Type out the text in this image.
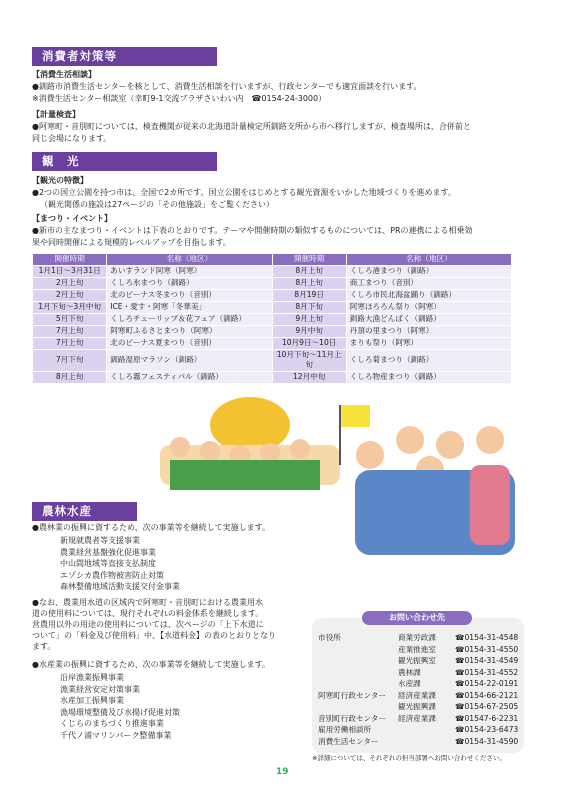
消費者対策等
【消費生活相談】
●釧路市消費生活センターを核として、消費生活相談を行いますが、行政センターでも適宜面談を行います。
※消費生活センター相談室（幸町9-1交流プラザさいわい内　☎0154-24-3000）
【計量検査】
●阿寒町・音別町については、検査機関が従来の北海道計量検定所釧路支所から市へ移行しますが、検査場所は、合併前と
同じ会場になります。
観　光
【観光の特徴】
●2つの国立公園を持つ市は、全国で2カ所です。国立公園をはじめとする観光資源をいかした地域づくりを進めます。
（観光関係の施設は27ページの「その他施設」をご覧ください）
【まつり・イベント】
●新市の主なまつり・イベントは下表のとおりです。テーマや開催時期の類似するものについては、PRの連携による相乗効
果や同時開催による規模的レベルアップを目指します。
開催時期	名称（地区）	開催時期	名称（地区）
1月1日～3月31日	あいすランド阿寒（阿寒）	8月上旬	くしろ港まつり（釧路）
2月上旬	くしろ氷まつり（釧路）	8月上旬	商工まつり（音別）
2月上旬	北のビーナス冬まつり（音別）	8月19日	くしろ市民北海盆踊り（釧路）
1月下旬～3月中旬	ICE・愛す・阿寒「冬華美」	8月下旬	阿寒ほろろん祭り（阿寒）
5月下旬	くしろチューリップ＆花フェア（釧路）	9月上旬	釧路大漁どんぱく（釧路）
7月上旬	阿寒町ふるさとまつり（阿寒）	9月中旬	丹頂の里まつり（阿寒）
7月上旬	北のビーナス夏まつり（音別）	10月9日～10日	まりも祭り（阿寒）
7月下旬	釧路湿原マラソン（釧路）	10月下旬～11月上旬	くしろ菊まつり（釧路）
8月上旬	くしろ霧フェスティバル（釧路）	12月中旬	くしろ物産まつり（釧路）
農林水産
●農林業の振興に資するため、次の事業等を継続して実施します。
新規就農者等支援事業
農業経営基盤強化促進事業
中山間地域等直接支払制度
エゾシカ農作物被害防止対策
森林整備地域活動支援交付金事業
●なお、農業用水道の区域内で阿寒町・音別町における農業用水
道の使用料については、現行それぞれの料金体系を継続します。
営農用以外の用途の使用料については、次ページの「上下水道に
ついて」の「料金及び使用料」中、【水道料金】の表のとおりとなり
ます。
●水産業の振興に資するため、次の事業等を継続して実施します。
沿岸漁業振興事業
漁業経営安定対策事業
水産加工振興事業
漁場環境整備及び水揚げ促進対策
くじらのまちづくり推進事業
千代ノ浦マリンパーク整備事業
お問い合わせ先
市役所	商業労政課	☎0154-31-4548
産業推進室	☎0154-31-4550
観光振興室	☎0154-31-4549
農林課	☎0154-31-4552
水産課	☎0154-22-0191
阿寒町行政センター 経済産業課	☎0154-66-2121
観光振興課	☎0154-67-2505
音別町行政センター 経済産業課	☎01547-6-2231
雇用労働相談所	☎0154-23-6473
消費生活センター	☎0154-31-4590
※詳細については、それぞれの担当部署へお問い合わせください。
19
